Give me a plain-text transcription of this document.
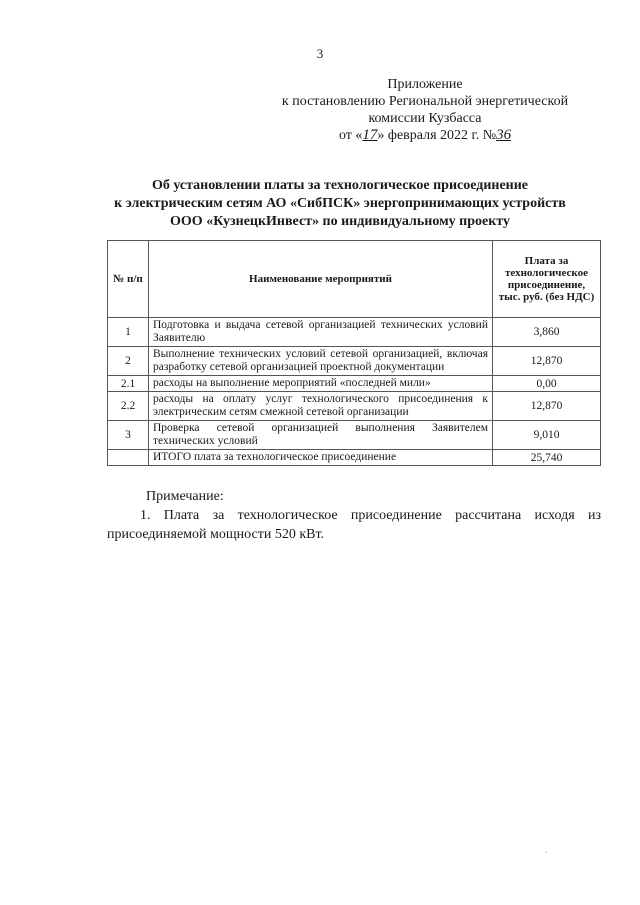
3
Приложение
к постановлению Региональной энергетической
комиссии Кузбасса
от «17» февраля 2022 г. №36
Об установлении платы за технологическое присоединение
к электрическим сетям АО «СибПСК» энергопринимающих устройств
ООО «КузнецкИнвест» по индивидуальному проекту
№ п/п	Наименование мероприятий	Плата за технологическое присоединение, тыс. руб. (без НДС)
1	Подготовка и выдача сетевой организацией технических условий Заявителю	3,860
2	Выполнение технических условий сетевой организацией, включая разработку сетевой организацией проектной документации	12,870
2.1	расходы на выполнение мероприятий «последней мили»	0,00
2.2	расходы на оплату услуг технологического присоединения к электрическим сетям смежной сетевой организации	12,870
3	Проверка сетевой организацией выполнения Заявителем технических условий	9,010
	ИТОГО плата за технологическое присоединение	25,740
Примечание:
1. Плата за технологическое присоединение рассчитана исходя из присоединяемой мощности 520 кВт.
.
